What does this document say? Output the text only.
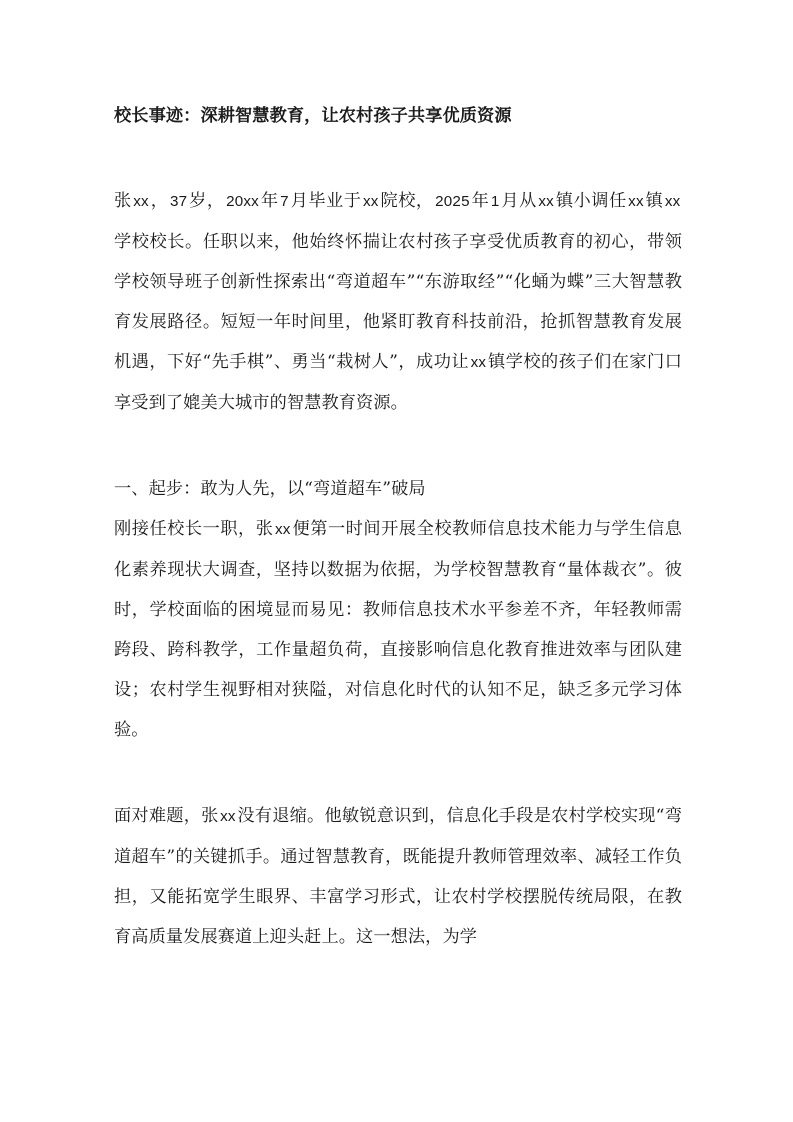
校长事迹：深耕智慧教育，让农村孩子共享优质资源

张xx，37岁，20xx年7月毕业于xx院校，2025年1月从xx镇小调任xx镇xx学校校长。任职以来，他始终怀揣让农村孩子享受优质教育的初心，带领学校领导班子创新性探索出“弯道超车”“东游取经”“化蛹为蝶”三大智慧教育发展路径。短短一年时间里，他紧盯教育科技前沿，抢抓智慧教育发展机遇，下好“先手棋”、勇当“栽树人”，成功让xx镇学校的孩子们在家门口享受到了媲美大城市的智慧教育资源。

一、起步：敢为人先，以“弯道超车”破局

刚接任校长一职，张xx便第一时间开展全校教师信息技术能力与学生信息化素养现状大调查，坚持以数据为依据，为学校智慧教育“量体裁衣”。彼时，学校面临的困境显而易见：教师信息技术水平参差不齐，年轻教师需跨段、跨科教学，工作量超负荷，直接影响信息化教育推进效率与团队建设；农村学生视野相对狭隘，对信息化时代的认知不足，缺乏多元学习体验。

面对难题，张xx没有退缩。他敏锐意识到，信息化手段是农村学校实现“弯道超车”的关键抓手。通过智慧教育，既能提升教师管理效率、减轻工作负担，又能拓宽学生眼界、丰富学习形式，让农村学校摆脱传统局限，在教育高质量发展赛道上迎头赶上。这一想法，为学
